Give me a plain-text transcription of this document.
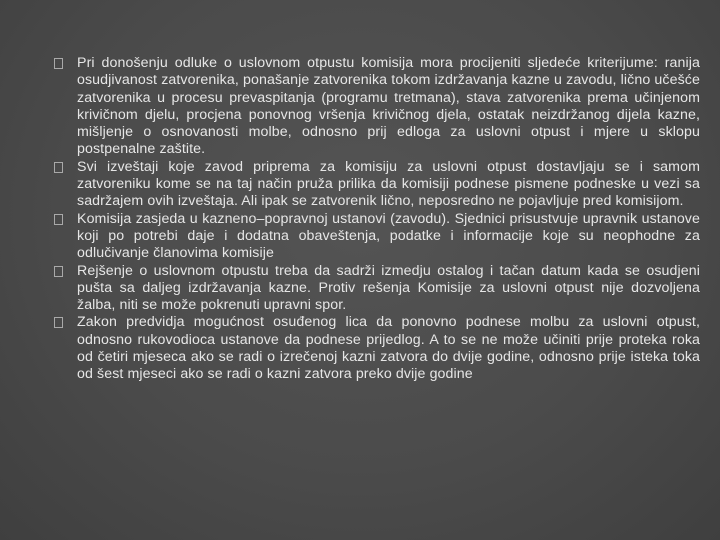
Pri donošenju odluke o uslovnom otpustu komisija mora procijeniti sljedeće kriterijume: ranija osudjivanost zatvorenika, ponašanje zatvorenika tokom izdržavanja kazne u zavodu, lično učešće zatvorenika u procesu prevaspitanja (programu tretmana), stava zatvorenika prema učinjenom krivičnom djelu, procjena ponovnog vršenja krivičnog djela, ostatak neizdržanog dijela kazne, mišljenje o osnovanosti molbe, odnosno prij edloga za uslovni otpust i mjere u sklopu postpenalne zaštite.
Svi izveštaji koje zavod priprema za komisiju za uslovni otpust dostavljaju se i samom zatvoreniku kome se na taj način pruža prilika da komisiji podnese pismene podneske u vezi sa sadržajem ovih izveštaja. Ali ipak se zatvorenik lično, neposredno ne pojavljuje pred komisijom.
Komisija zasjeda u kazneno–popravnoj ustanovi (zavodu). Sjednici prisustvuje upravnik ustanove koji po potrebi daje i dodatna obaveštenja, podatke i informacije koje su neophodne za odlučivanje članovima komisije
Rejšenje o uslovnom otpustu treba da sadrži izmedju ostalog i tačan datum kada se osudjeni pušta sa daljeg izdržavanja kazne. Protiv rešenja Komisije za uslovni otpust nije dozvoljena žalba, niti se može pokrenuti upravni spor.
Zakon predvidja mogućnost osuđenog lica da ponovno podnese molbu za uslovni otpust, odnosno rukovodioca ustanove da podnese prijedlog. A to se ne može učiniti prije proteka roka od četiri mjeseca ako se radi o izrečenoj kazni zatvora do dvije godine, odnosno prije isteka toka od šest mjeseci ako se radi o kazni zatvora preko dvije godine
